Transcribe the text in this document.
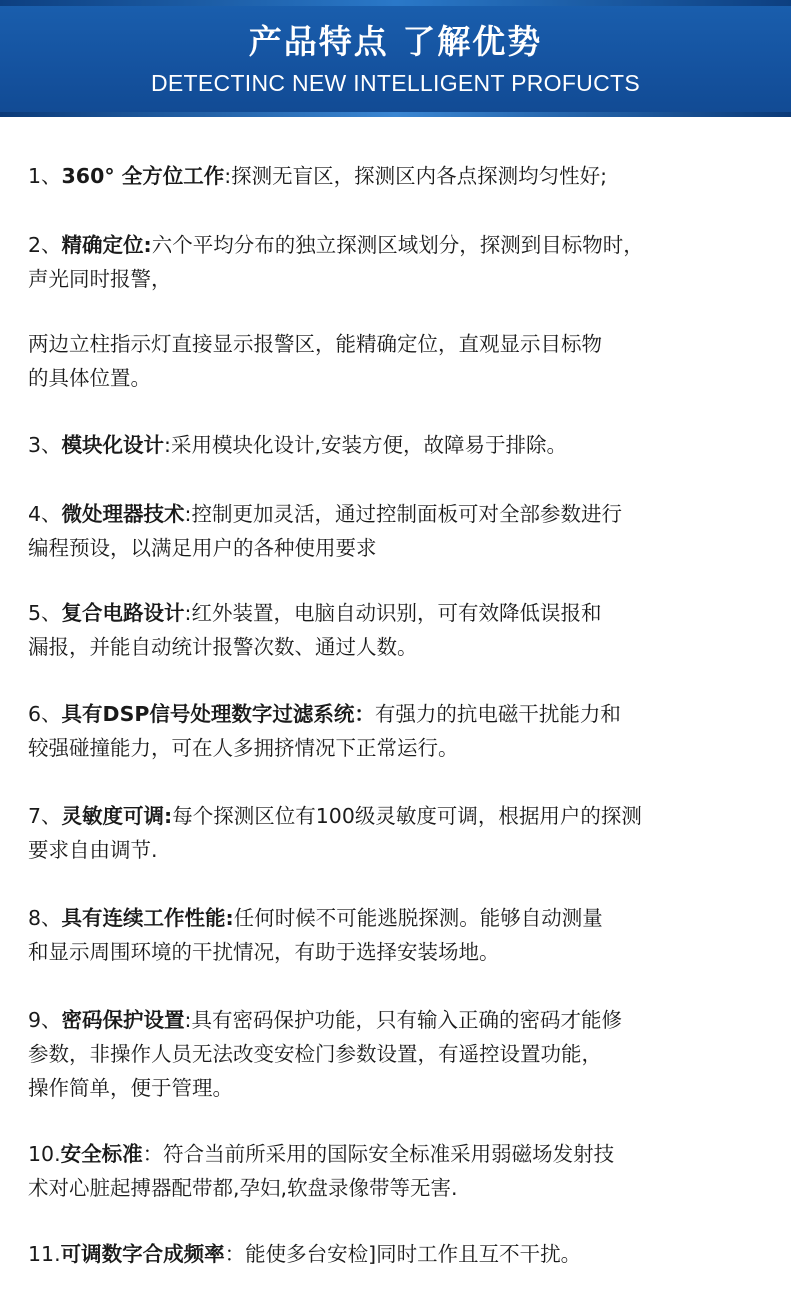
产品特点 了解优势
DETECTINC NEW INTELLIGENT PROFUCTS

1、360° 全方位工作:探测无盲区，探测区内各点探测均匀性好;

2、精确定位:六个平均分布的独立探测区域划分，探测到目标物时，

声光同时报警，

两边立柱指示灯直接显示报警区，能精确定位，直观显示目标物

的具体位置。

3、模块化设计:采用模块化设计,安装方便，故障易于排除。

4、微处理器技术:控制更加灵活，通过控制面板可对全部参数进行

编程预设，以满足用户的各种使用要求

5、复合电路设计:红外装置，电脑自动识别，可有效降低误报和

漏报，并能自动统计报警次数、通过人数。

6、具有DSP信号处理数字过滤系统：有强力的抗电磁干扰能力和

较强碰撞能力，可在人多拥挤情况下正常运行。

7、灵敏度可调:每个探测区位有100级灵敏度可调，根据用户的探测

要求自由调节.

8、具有连续工作性能:任何时候不可能逃脱探测。能够自动测量

和显示周围环境的干扰情况，有助于选择安装场地。

9、密码保护设置:具有密码保护功能，只有输入正确的密码才能修

参数，非操作人员无法改变安检门参数设置，有遥控设置功能，

操作简单，便于管理。

10.安全标准：符合当前所采用的国际安全标准采用弱磁场发射技

术对心脏起搏器配带都,孕妇,软盘录像带等无害.

11.可调数字合成频率：能使多台安检]同时工作且互不干扰。
